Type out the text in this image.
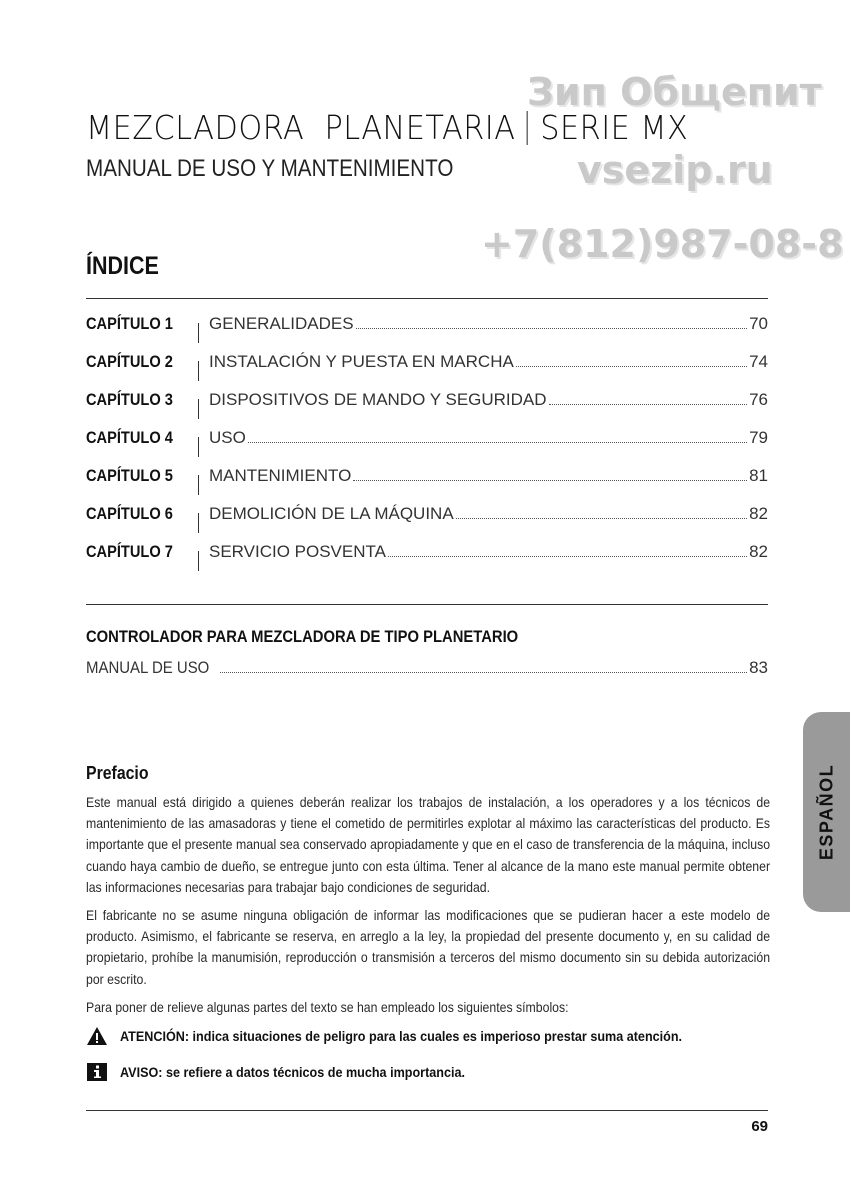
MEZCLADORA  PLANETARIA SERIE MX
MANUAL DE USO Y MANTENIMIENTO
Зип Общепит
vsezip.ru
+7(812)987-08-8
ÍNDICE
CAPÍTULO 1	GENERALIDADES	70
CAPÍTULO 2	INSTALACIÓN Y PUESTA EN MARCHA	74
CAPÍTULO 3	DISPOSITIVOS DE MANDO Y SEGURIDAD	76
CAPÍTULO 4	USO	79
CAPÍTULO 5	MANTENIMIENTO	81
CAPÍTULO 6	DEMOLICIÓN DE LA MÁQUINA	82
CAPÍTULO 7	SERVICIO POSVENTA	82
CONTROLADOR PARA MEZCLADORA DE TIPO PLANETARIO
MANUAL DE USO	83
ESPAÑOL
Prefacio
Este manual está dirigido a quienes deberán realizar los trabajos de instalación, a los operadores y a los técnicos de mantenimiento de las amasadoras y tiene el cometido de permitirles explotar al máximo las características del producto. Es importante que el presente manual sea conservado apropiadamente y que en el caso de transferencia de la máquina, incluso cuando haya cambio de dueño, se entregue junto con esta última. Tener al alcance de la mano este manual permite obtener las informaciones necesarias para trabajar bajo condiciones de seguridad.
El fabricante no se asume ninguna obligación de informar las modificaciones que se pudieran hacer a este modelo de producto. Asimismo, el fabricante se reserva, en arreglo a la ley, la propiedad del presente documento y, en su calidad de propietario, prohíbe la manumisión, reproducción o transmisión a terceros del mismo documento sin su debida autorización por escrito.
Para poner de relieve algunas partes del texto se han empleado los siguientes símbolos:
ATENCIÓN: indica situaciones de peligro para las cuales es imperioso prestar suma atención.
AVISO: se refiere a datos técnicos de mucha importancia.
69
